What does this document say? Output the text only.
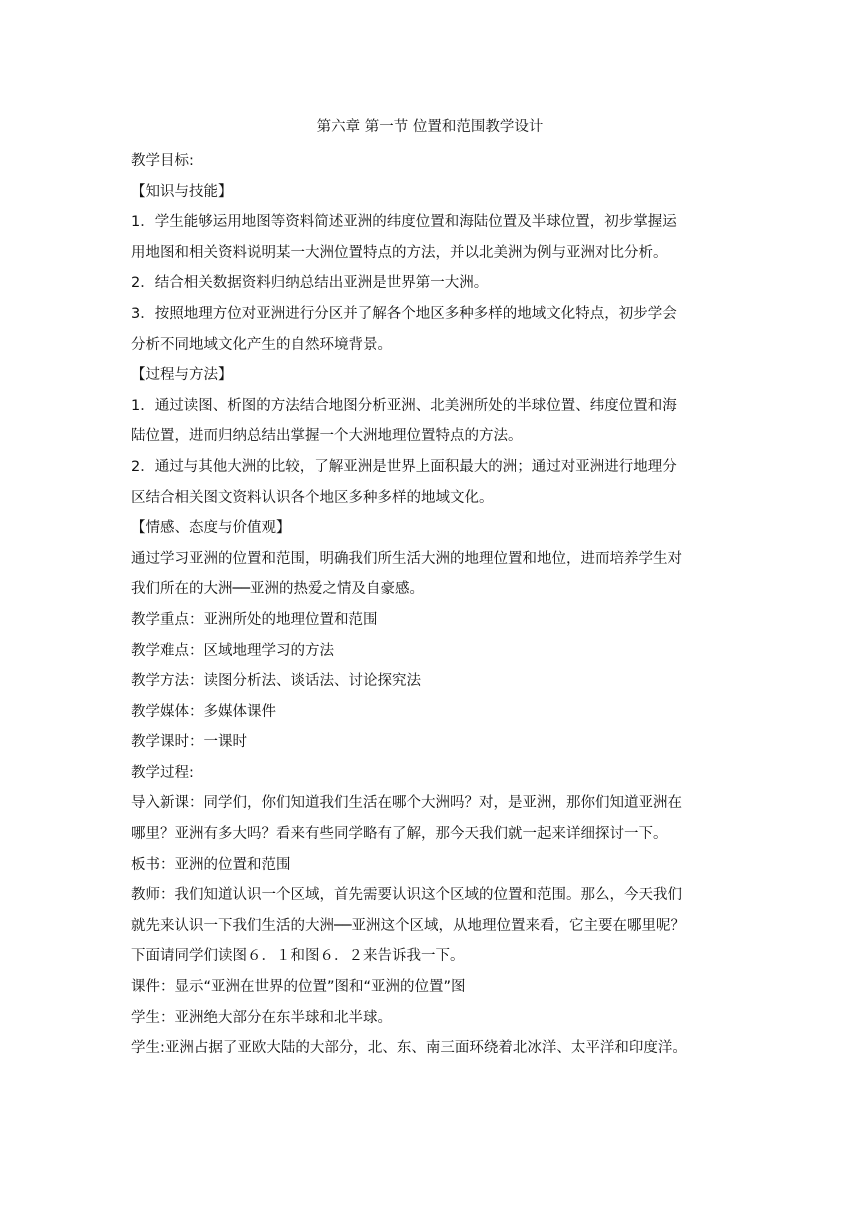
第六章 第一节 位置和范围教学设计

教学目标:

【知识与技能】

1．学生能够运用地图等资料简述亚洲的纬度位置和海陆位置及半球位置，初步掌握运

用地图和相关资料说明某一大洲位置特点的方法，并以北美洲为例与亚洲对比分析。

2．结合相关数据资料归纳总结出亚洲是世界第一大洲。

3．按照地理方位对亚洲进行分区并了解各个地区多种多样的地域文化特点，初步学会

分析不同地域文化产生的自然环境背景。

【过程与方法】

1．通过读图、析图的方法结合地图分析亚洲、北美洲所处的半球位置、纬度位置和海

陆位置，进而归纳总结出掌握一个大洲地理位置特点的方法。

2．通过与其他大洲的比较，了解亚洲是世界上面积最大的洲；通过对亚洲进行地理分

区结合相关图文资料认识各个地区多种多样的地域文化。

【情感、态度与价值观】

通过学习亚洲的位置和范围，明确我们所生活大洲的地理位置和地位，进而培养学生对

我们所在的大洲──亚洲的热爱之情及自豪感。

教学重点：亚洲所处的地理位置和范围

教学难点：区域地理学习的方法

教学方法：读图分析法、谈话法、讨论探究法

教学媒体：多媒体课件

教学课时：一课时

教学过程:

导入新课：同学们，你们知道我们生活在哪个大洲吗？对，是亚洲，那你们知道亚洲在

哪里？亚洲有多大吗？看来有些同学略有了解，那今天我们就一起来详细探讨一下。

板书：亚洲的位置和范围

教师：我们知道认识一个区域，首先需要认识这个区域的位置和范围。那么，今天我们

就先来认识一下我们生活的大洲──亚洲这个区域，从地理位置来看，它主要在哪里呢？

下面请同学们读图６．１和图６．２来告诉我一下。

课件：显示“亚洲在世界的位置”图和“亚洲的位置”图

学生：亚洲绝大部分在东半球和北半球。

学生:亚洲占据了亚欧大陆的大部分，北、东、南三面环绕着北冰洋、太平洋和印度洋。
